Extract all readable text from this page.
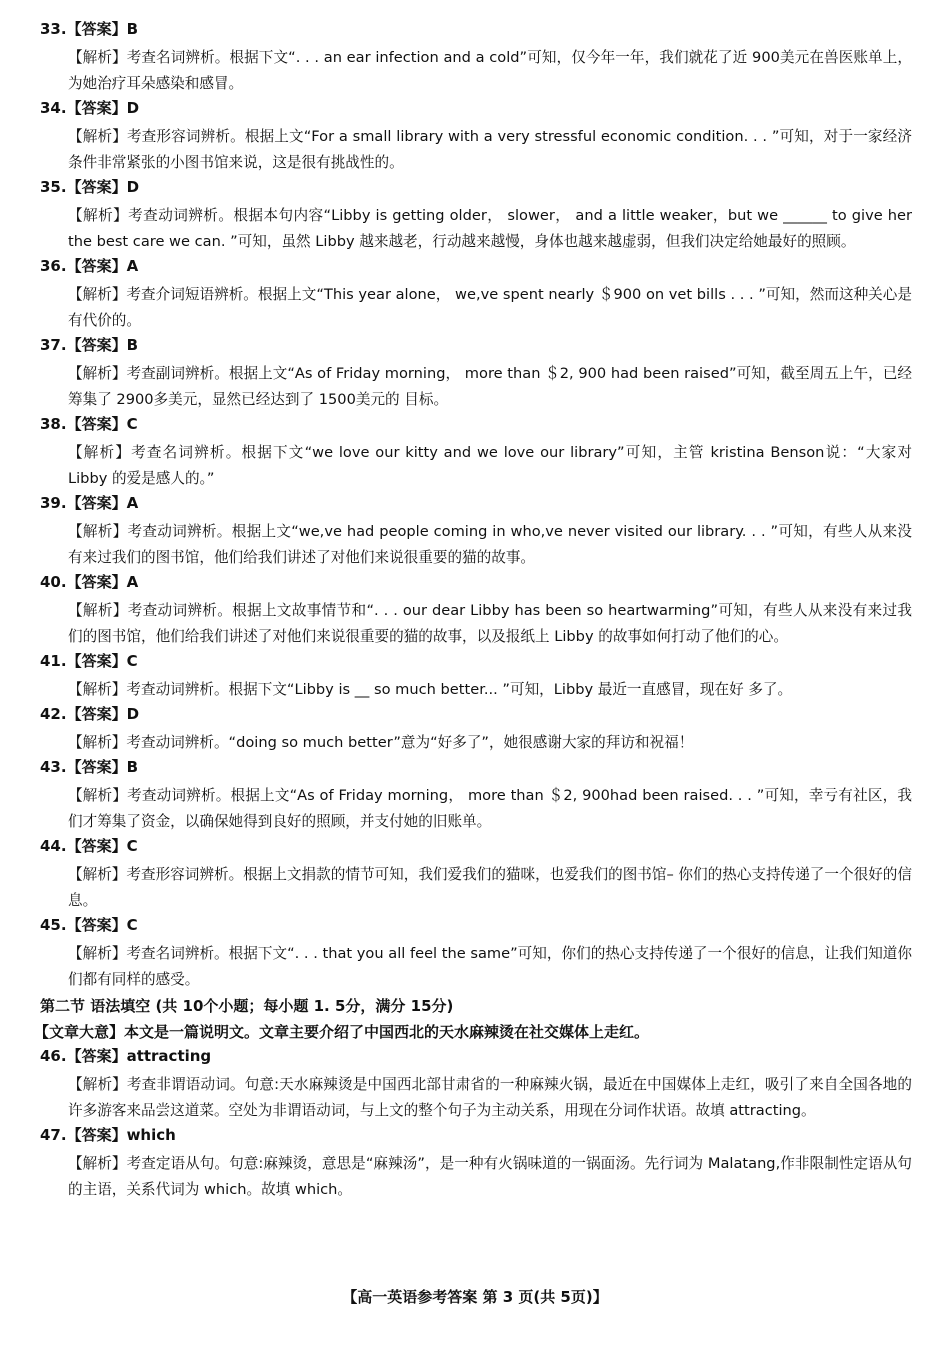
33.【答案】B
【解析】考查名词辨析。根据下文“. . . an ear infection and a cold”可知，仅今年一年，我们就花了近 900美元在兽医账单上，为她治疗耳朵感染和感冒。
34.【答案】D
【解析】考查形容词辨析。根据上文“For a small library with a very stressful economic condition. . . ”可知，对于一家经济条件非常紧张的小图书馆来说，这是很有挑战性的。
35.【答案】D
【解析】考查动词辨析。根据本句内容“Libby is getting older， slower， and a little weaker，but we ______ to give her the best care we can. ”可知，虽然 Libby 越来越老，行动越来越慢，身体也越来越虚弱，但我们决定给她最好的照顾。
36.【答案】A
【解析】考查介词短语辨析。根据上文“This year alone， we,ve spent nearly ＄900 on vet bills . . . ”可知，然而这种关心是有代价的。
37.【答案】B
【解析】考查副词辨析。根据上文“As of Friday morning， more than ＄2, 900 had been raised”可知，截至周五上午，已经筹集了 2900多美元，显然已经达到了 1500美元的 目标。
38.【答案】C
【解析】考查名词辨析。根据下文“we love our kitty and we love our library”可知，主管 kristina Benson说：“大家对 Libby 的爱是感人的。”
39.【答案】A
【解析】考查动词辨析。根据上文“we,ve had people coming in who,ve never visited our library. . . ”可知，有些人从来没有来过我们的图书馆，他们给我们讲述了对他们来说很重要的猫的故事。
40.【答案】A
【解析】考查动词辨析。根据上文故事情节和“. . . our dear Libby has been so heartwarming”可知，有些人从来没有来过我们的图书馆，他们给我们讲述了对他们来说很重要的猫的故事，以及报纸上 Libby 的故事如何打动了他们的心。
41.【答案】C
【解析】考查动词辨析。根据下文“Libby is __ so much better... ”可知，Libby 最近一直感冒，现在好 多了。
42.【答案】D
【解析】考查动词辨析。“doing so much better”意为“好多了”，她很感谢大家的拜访和祝福！
43.【答案】B
【解析】考查动词辨析。根据上文“As of Friday morning， more than ＄2, 900had been raised. . . ”可知，幸亏有社区，我们才筹集了资金，以确保她得到良好的照顾，并支付她的旧账单。
44.【答案】C
【解析】考查形容词辨析。根据上文捐款的情节可知，我们爱我们的猫咪，也爱我们的图书馆– 你们的热心支持传递了一个很好的信息。
45.【答案】C
【解析】考查名词辨析。根据下文“. . . that you all feel the same”可知，你们的热心支持传递了一个很好的信息，让我们知道你们都有同样的感受。
第二节 语法填空 (共 10个小题；每小题 1. 5分，满分 15分)
【文章大意】本文是一篇说明文。文章主要介绍了中国西北的天水麻辣烫在社交媒体上走红。
46.【答案】attracting
【解析】考查非谓语动词。句意:天水麻辣烫是中国西北部甘肃省的一种麻辣火锅，最近在中国媒体上走红，吸引了来自全国各地的许多游客来品尝这道菜。空处为非谓语动词，与上文的整个句子为主动关系，用现在分词作状语。故填 attracting。
47.【答案】which
【解析】考查定语从句。句意:麻辣烫，意思是“麻辣汤”，是一种有火锅味道的一锅面汤。先行词为 Malatang,作非限制性定语从句的主语，关系代词为 which。故填 which。
【高一英语参考答案 第 3 页(共 5页)】
